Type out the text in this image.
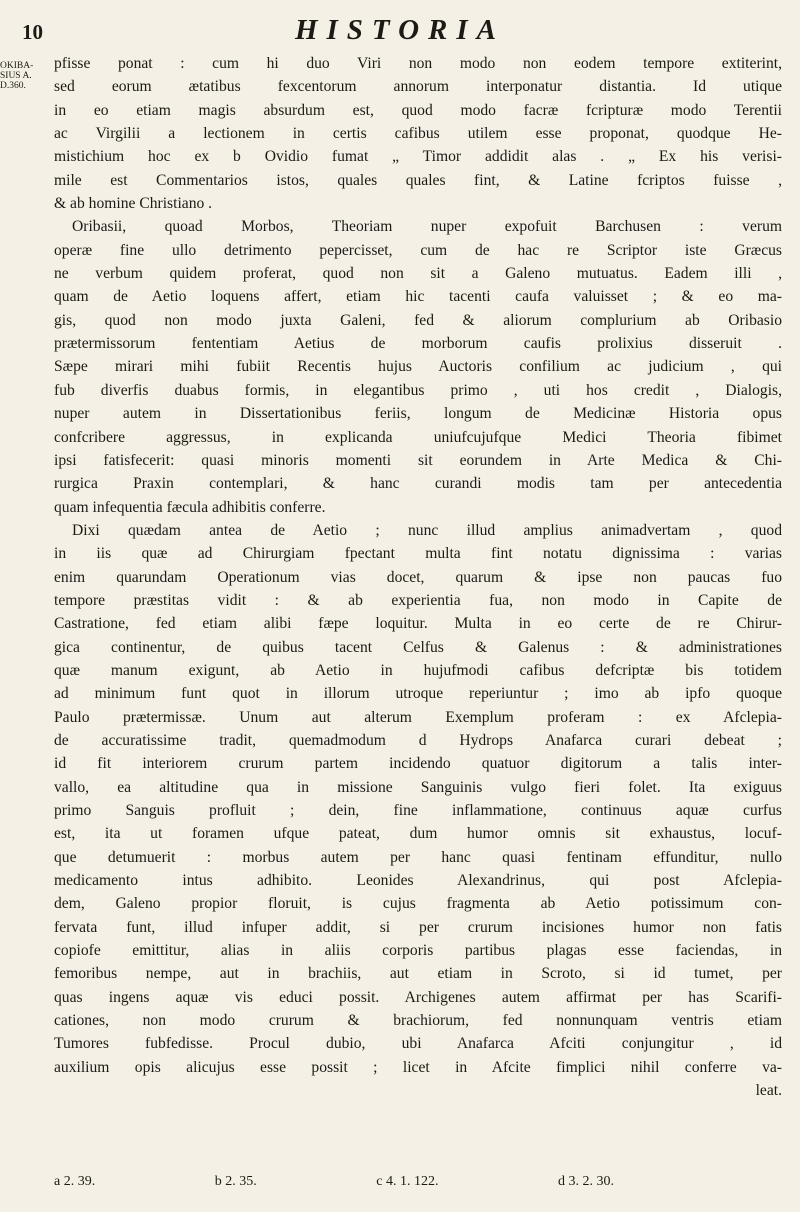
10	HISTORIA
OKIBA-
SIUS A.
D.360.
pfisse ponat : cum hi duo Viri non modo non eodem tempore extiterint,
sed eorum ætatibus fexcentorum annorum interponatur distantia. Id utique
in eo etiam magis absurdum est, quod modo facræ fcripturæ modo Terentii
ac Virgilii a lectionem in certis cafibus utilem esse proponat, quodque He-
mistichium hoc ex b Ovidio fumat „ Timor addidit alas . „ Ex his verisi-
mile est Commentarios istos, quales quales fint, & Latine fcriptos fuisse ,
& ab homine Christiano .
Oribasii, quoad Morbos, Theoriam nuper expofuit Barchusen : verum
operæ fine ullo detrimento pepercisset, cum de hac re Scriptor iste Græcus
ne verbum quidem proferat, quod non sit a Galeno mutuatus. Eadem illi ,
quam de Aetio loquens affert, etiam hic tacenti caufa valuisset ; & eo ma-
gis, quod non modo juxta Galeni, fed & aliorum complurium ab Oribasio
prætermissorum fententiam Aetius de morborum caufis prolixius disseruit .
Sæpe mirari mihi fubiit Recentis hujus Auctoris confilium ac judicium , qui
fub diverfis duabus formis, in elegantibus primo , uti hos credit , Dialogis,
nuper autem in Dissertationibus feriis, longum de Medicinæ Historia opus
confcribere aggressus, in explicanda uniufcujufque Medici Theoria fibimet
ipsi fatisfecerit: quasi minoris momenti sit eorundem in Arte Medica & Chi-
rurgica Praxin contemplari, & hanc curandi modis tam per antecedentia
quam infequentia fæcula adhibitis conferre.
Dixi quædam antea de Aetio ; nunc illud amplius animadvertam , quod
in iis quæ ad Chirurgiam fpectant multa fint notatu dignissima : varias
enim quarundam Operationum vias docet, quarum & ipse non paucas fuo
tempore præstitas vidit : & ab experientia fua, non modo in Capite de
Castratione, fed etiam alibi fæpe loquitur. Multa in eo certe de re Chirur-
gica continentur, de quibus tacent Celfus & Galenus : & administrationes
quæ manum exigunt, ab Aetio in hujufmodi cafibus defcriptæ bis totidem
ad minimum funt quot in illorum utroque reperiuntur ; imo ab ipfo quoque
Paulo prætermissæ. Unum aut alterum Exemplum proferam : ex Afclepia-
de accuratissime tradit, quemadmodum d Hydrops Anafarca curari debeat ;
id fit interiorem crurum partem incidendo quatuor digitorum a talis inter-
vallo, ea altitudine qua in missione Sanguinis vulgo fieri folet. Ita exiguus
primo Sanguis profluit ; dein, fine inflammatione, continuus aquæ curfus
est, ita ut foramen ufque pateat, dum humor omnis sit exhaustus, locuf-
que detumuerit : morbus autem per hanc quasi fentinam effunditur, nullo
medicamento intus adhibito. Leonides Alexandrinus, qui post Afclepia-
dem, Galeno propior floruit, is cujus fragmenta ab Aetio potissimum con-
fervata funt, illud infuper addit, si per crurum incisiones humor non fatis
copiofe emittitur, alias in aliis corporis partibus plagas esse faciendas, in
femoribus nempe, aut in brachiis, aut etiam in Scroto, si id tumet, per
quas ingens aquæ vis educi possit. Archigenes autem affirmat per has Scarifi-
cationes, non modo crurum & brachiorum, fed nonnunquam ventris etiam
Tumores fubfedisse. Procul dubio, ubi Anafarca Afciti conjungitur , id
auxilium opis alicujus esse possit ; licet in Afcite fimplici nihil conferre va-
leat.
a 2. 39.	b 2. 35.	c 4. 1. 122.	d 3. 2. 30.
